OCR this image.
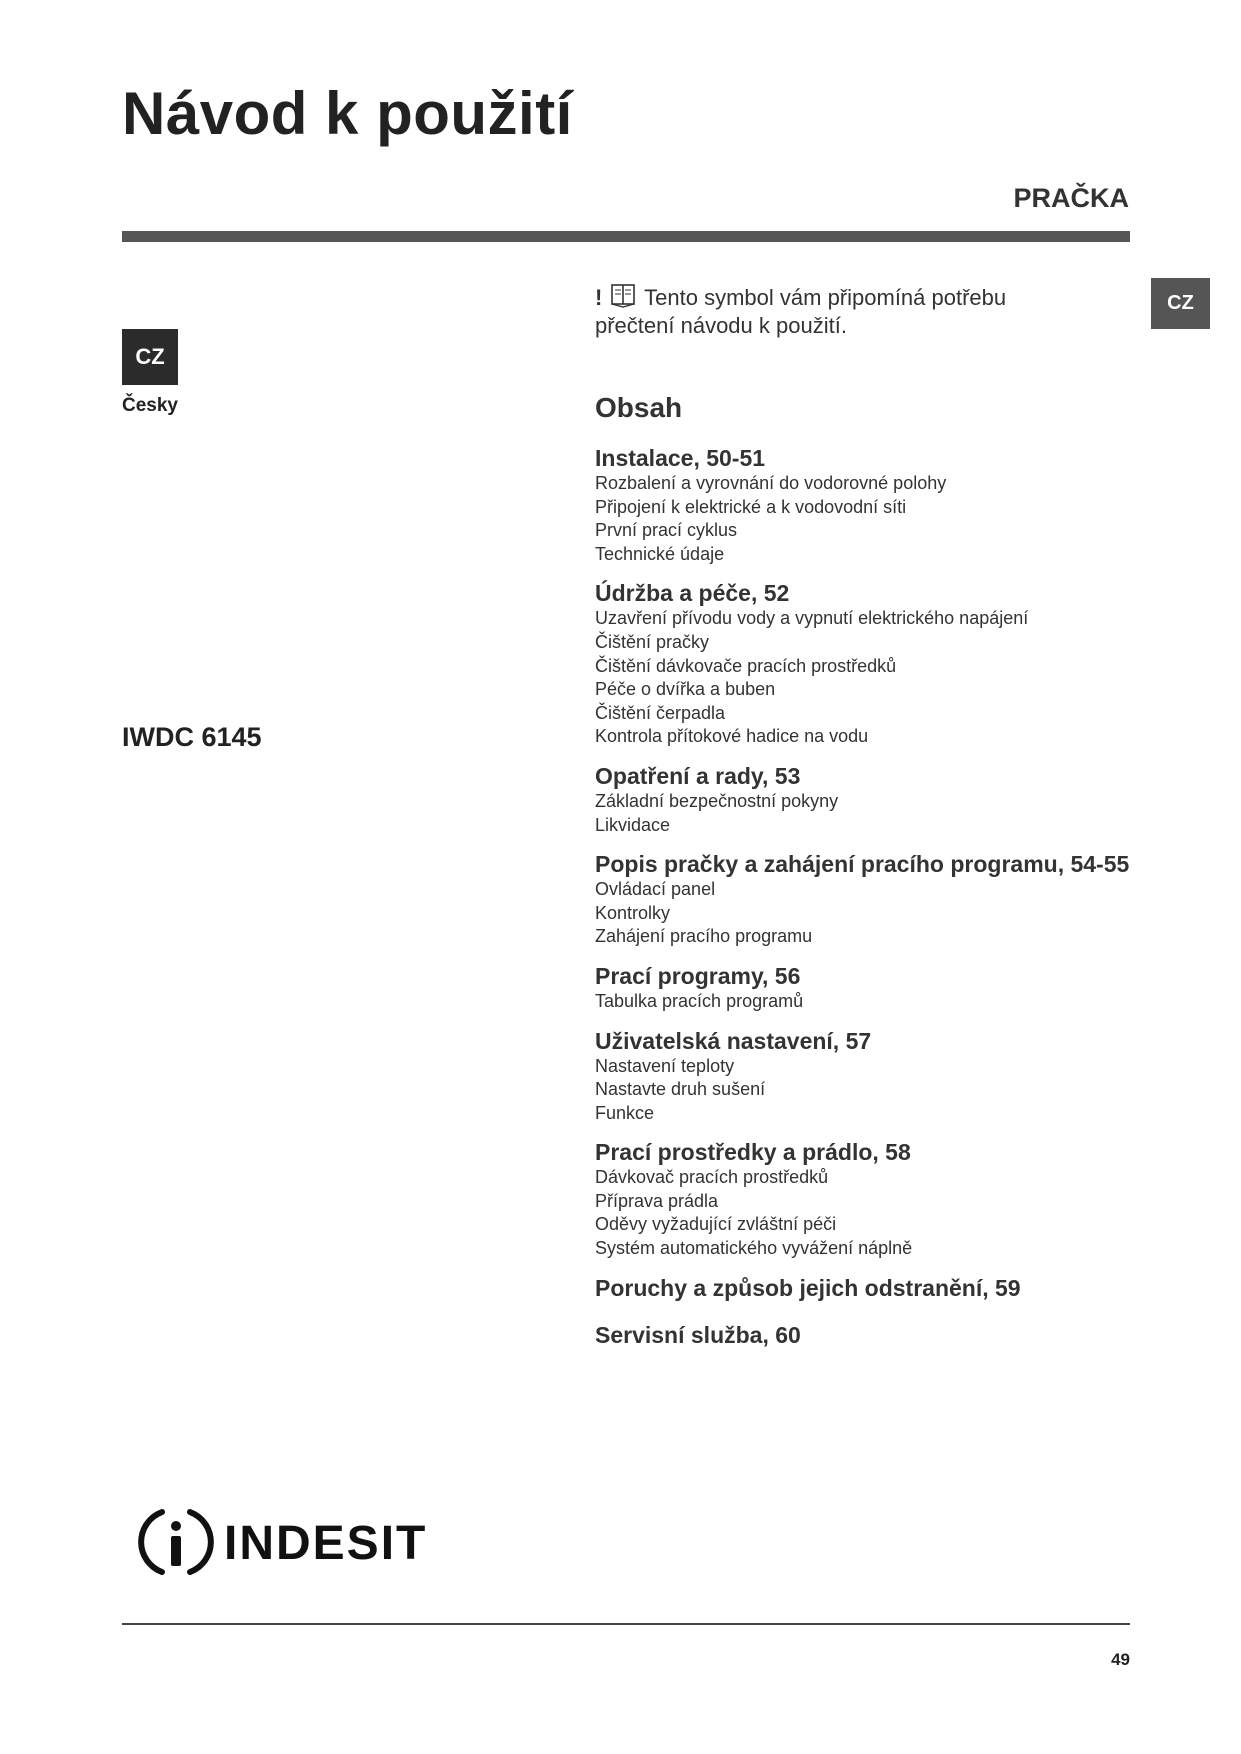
Návod k použití
PRAČKA
CZ
Česky
CZ
IWDC 6145
! Tento symbol vám připomíná potřebu přečtení návodu k použití.
Obsah
Instalace, 50-51
Rozbalení a vyrovnání do vodorovné polohy
Připojení k elektrické a k vodovodní síti
První prací cyklus
Technické údaje
Údržba a péče, 52
Uzavření přívodu vody a vypnutí elektrického napájení
Čištění pračky
Čištění dávkovače pracích prostředků
Péče o dvířka a buben
Čištění čerpadla
Kontrola přítokové hadice na vodu
Opatření a rady, 53
Základní bezpečnostní pokyny
Likvidace
Popis pračky a zahájení pracího programu, 54-55
Ovládací panel
Kontrolky
Zahájení pracího programu
Prací programy, 56
Tabulka pracích programů
Uživatelská nastavení, 57
Nastavení teploty
Nastavte druh sušení
Funkce
Prací prostředky a prádlo, 58
Dávkovač pracích prostředků
Příprava prádla
Oděvy vyžadující zvláštní péči
Systém automatického vyvážení náplně
Poruchy a způsob jejich odstranění, 59
Servisní služba, 60
INDESIT
49
